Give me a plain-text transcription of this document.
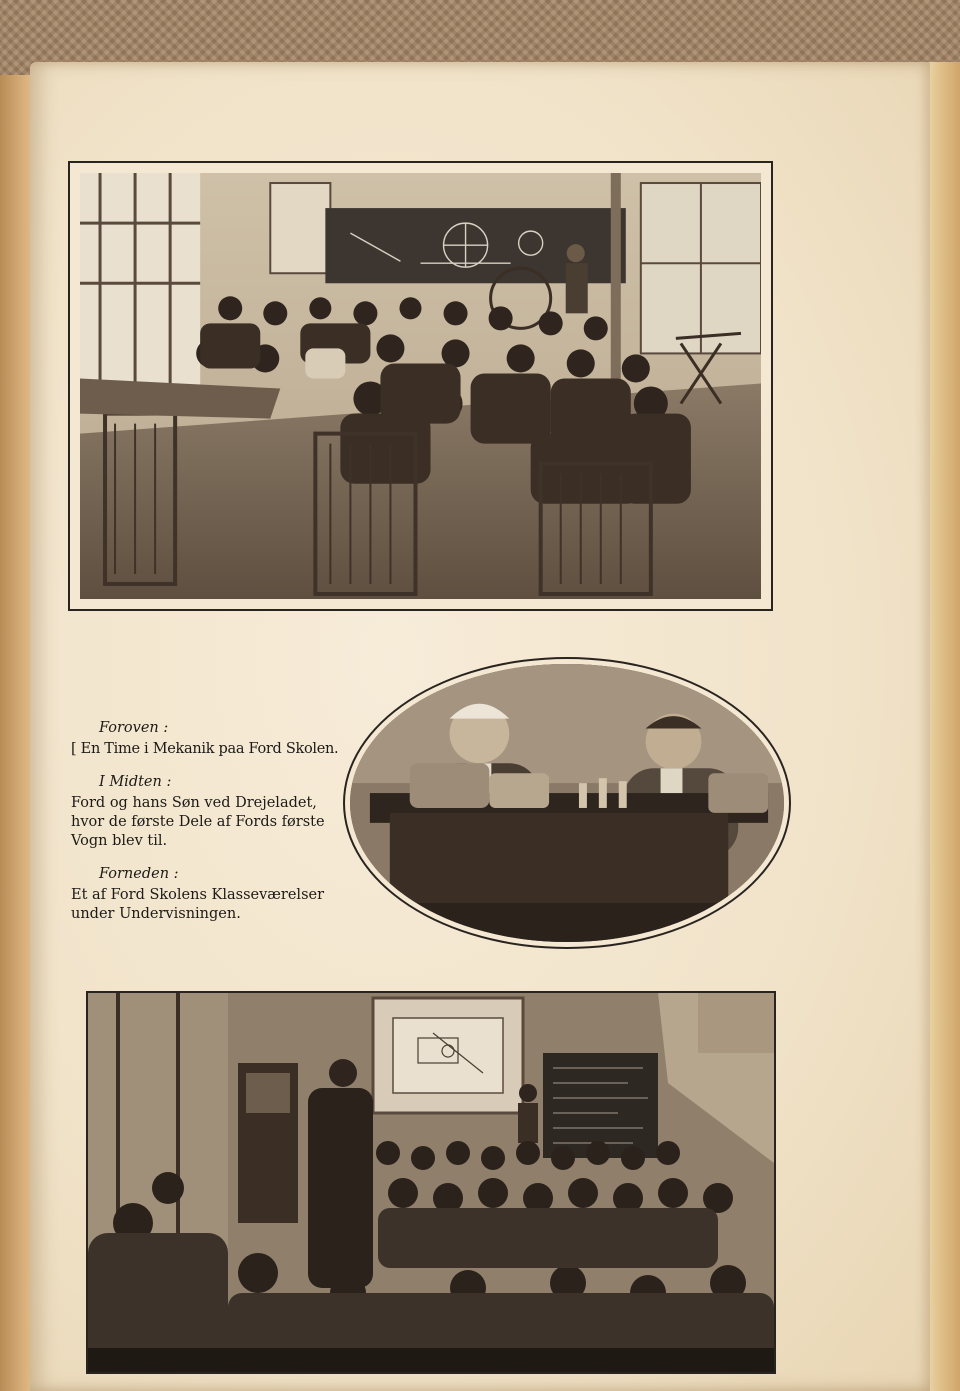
Foroven :
[ En Time i Mekanik paa Ford Skolen.
I Midten :
Ford og hans Søn ved Drejeladet,
hvor de første Dele af Fords første
Vogn blev til.
Forneden :
Et af Ford Skolens Klasseværelser
under Undervisningen.
